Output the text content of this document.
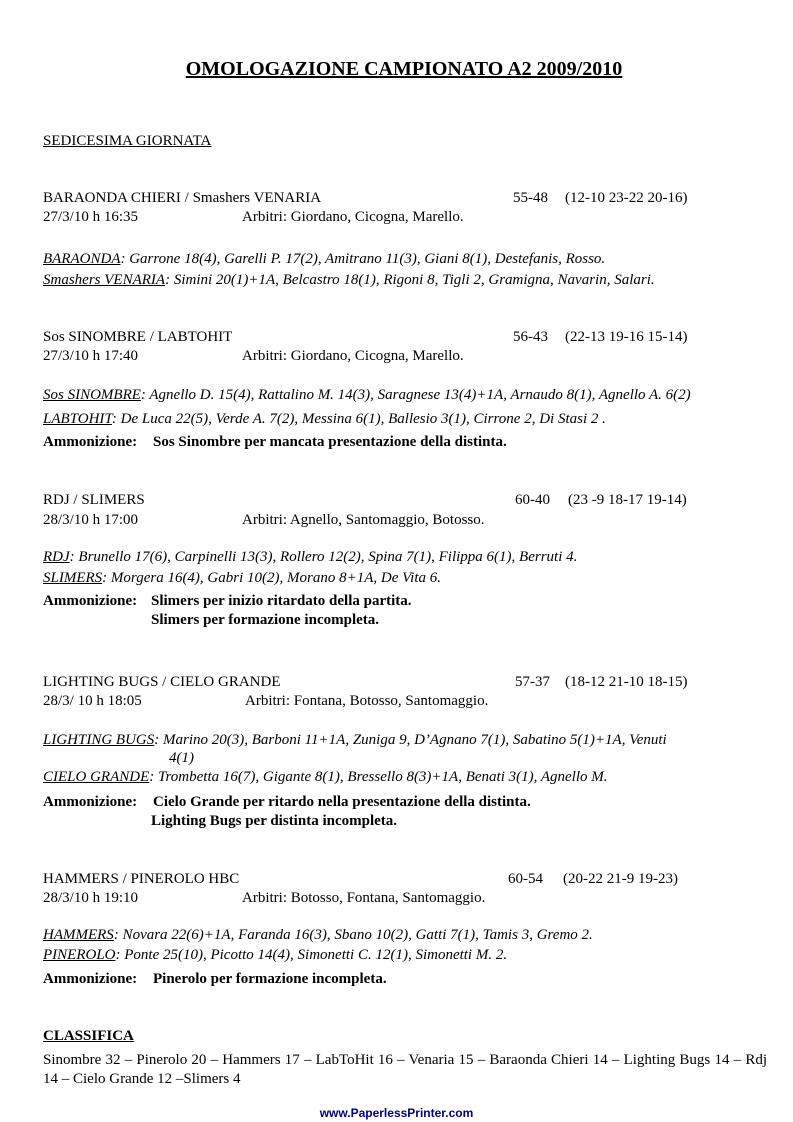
OMOLOGAZIONE CAMPIONATO A2 2009/2010
SEDICESIMA GIORNATA
BARAONDA CHIERI / Smashers VENARIA	55-48 (12-10 23-22 20-16)
27/3/10 h 16:35	Arbitri: Giordano, Cicogna, Marello.
BARAONDA: Garrone 18(4), Garelli P. 17(2), Amitrano 11(3), Giani 8(1), Destefanis, Rosso.
Smashers VENARIA: Simini 20(1)+1A, Belcastro 18(1), Rigoni 8, Tigli 2, Gramigna, Navarin, Salari.
Sos SINOMBRE / LABTOHIT	56-43 (22-13 19-16 15-14)
27/3/10 h 17:40	Arbitri: Giordano, Cicogna, Marello.
Sos SINOMBRE: Agnello D. 15(4), Rattalino M. 14(3), Saragnese 13(4)+1A, Arnaudo 8(1), Agnello A. 6(2)
LABTOHIT: De Luca 22(5), Verde A. 7(2), Messina 6(1), Ballesio 3(1), Cirrone 2, Di Stasi 2 .
Ammonizione: Sos Sinombre per mancata presentazione della distinta.
RDJ / SLIMERS	60-40 (23 -9 18-17 19-14)
28/3/10 h 17:00	Arbitri: Agnello, Santomaggio, Botosso.
RDJ: Brunello 17(6), Carpinelli 13(3), Rollero 12(2), Spina 7(1), Filippa 6(1), Berruti 4.
SLIMERS: Morgera 16(4), Gabri 10(2), Morano 8+1A, De Vita 6.
Ammonizione: Slimers per inizio ritardato della partita.
Slimers per formazione incompleta.
LIGHTING BUGS / CIELO GRANDE	57-37 (18-12 21-10 18-15)
28/3/ 10 h 18:05	Arbitri: Fontana, Botosso, Santomaggio.
LIGHTING BUGS: Marino 20(3), Barboni 11+1A, Zuniga 9, D’Agnano 7(1), Sabatino 5(1)+1A, Venuti
4(1)
CIELO GRANDE: Trombetta 16(7), Gigante 8(1), Bressello 8(3)+1A, Benati 3(1), Agnello M.
Ammonizione: Cielo Grande per ritardo nella presentazione della distinta.
Lighting Bugs per distinta incompleta.
HAMMERS / PINEROLO HBC	60-54 (20-22 21-9 19-23)
28/3/10 h 19:10	Arbitri: Botosso, Fontana, Santomaggio.
HAMMERS: Novara 22(6)+1A, Faranda 16(3), Sbano 10(2), Gatti 7(1), Tamis 3, Gremo 2.
PINEROLO: Ponte 25(10), Picotto 14(4), Simonetti C. 12(1), Simonetti M. 2.
Ammonizione: Pinerolo per formazione incompleta.
CLASSIFICA
Sinombre 32 – Pinerolo 20 – Hammers 17 – LabToHit 16 – Venaria 15 – Baraonda Chieri 14 – Lighting Bugs 14 – Rdj 14 – Cielo Grande 12 –Slimers 4
www.PaperlessPrinter.com
